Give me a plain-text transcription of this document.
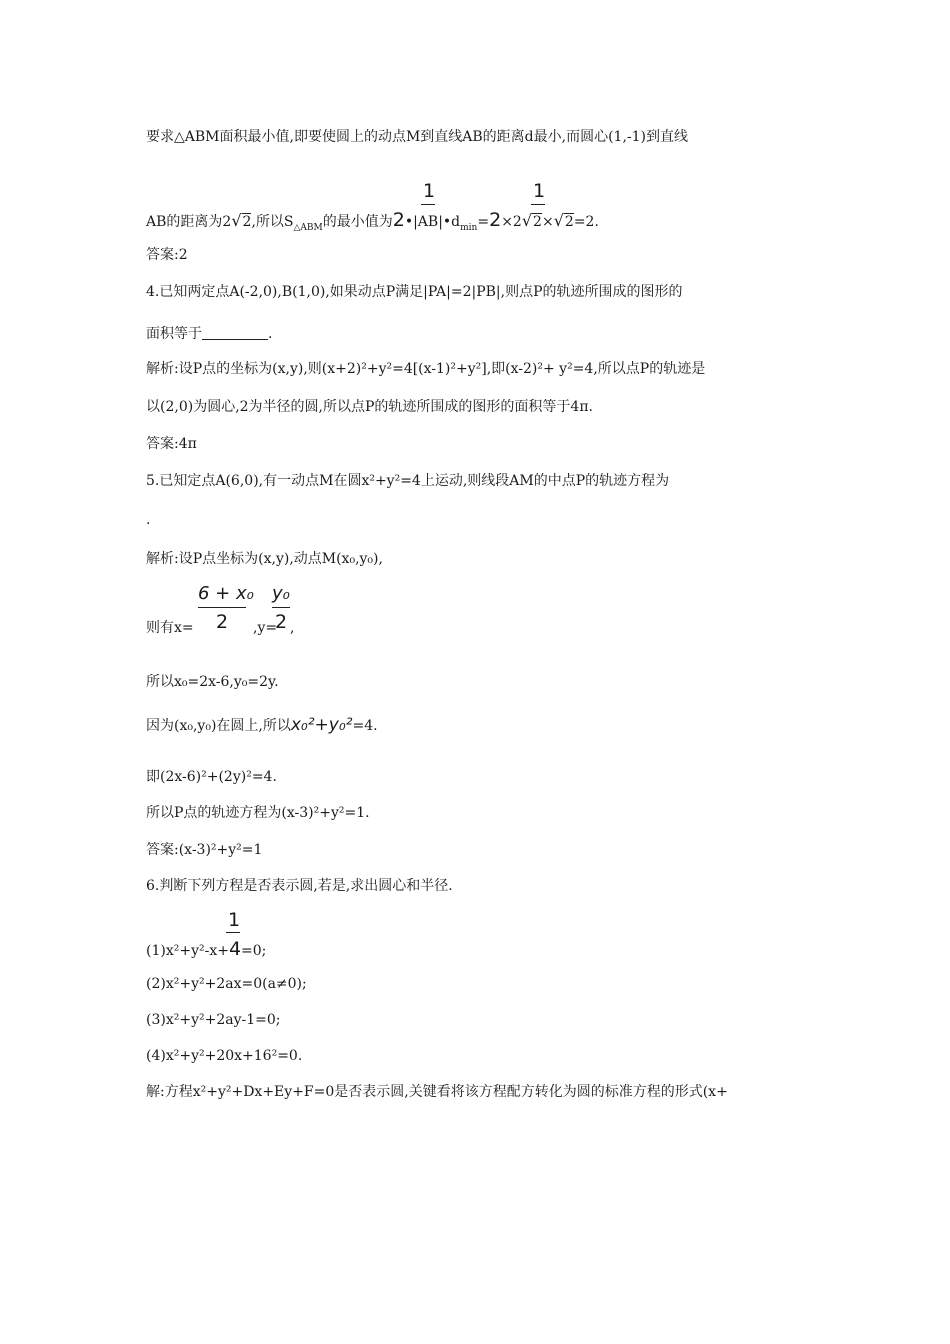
要求△ABM面积最小值,即要使圆上的动点M到直线AB的距离d最小,而圆心(1,-1)到直线
1	1
AB的距离为2√2,所以$S_{\triangle ABM}$的最小值为$2•|AB|•d_{min}=2\times 2√2\times√2=2$.
答案:2
4.已知两定点A(-2,0),B(1,0),如果动点P满足|PA|=2|PB|,则点P的轨迹所围成的图形的
面积等于	.
解析:设P点的坐标为(x,y),则(x+2)²+y²=4[(x-1)²+y²],即(x-2)²+ y²=4,所以点P的轨迹是
以(2,0)为圆心,2为半径的圆,所以点P的轨迹所围成的图形的面积等于4π.
答案:4π
5.已知定点A(6,0),有一动点M在圆x²+y²=4上运动,则线段AM的中点P的轨迹方程为
.
解析:设P点坐标为(x,y),动点M(x₀,y₀),
6 + x₀
2
y₀
2
则有x=	,y= ,
所以x₀=2x-6,y₀=2y.
因为(x₀,y₀)在圆上,所以x₀²+y₀²=4.
即(2x-6)²+(2y)²=4.
所以P点的轨迹方程为(x-3)²+y²=1.
答案:(x-3)²+y²=1
6.判断下列方程是否表示圆,若是,求出圆心和半径.
1
(1)x²+y²-x+4=0;
(2)x²+y²+2ax=0(a≠0);
(3)x²+y²+2ay-1=0;
(4)x²+y²+20x+16²=0.
解:方程x²+y²+Dx+Ey+F=0是否表示圆,关键看将该方程配方转化为圆的标准方程的形式(x+
